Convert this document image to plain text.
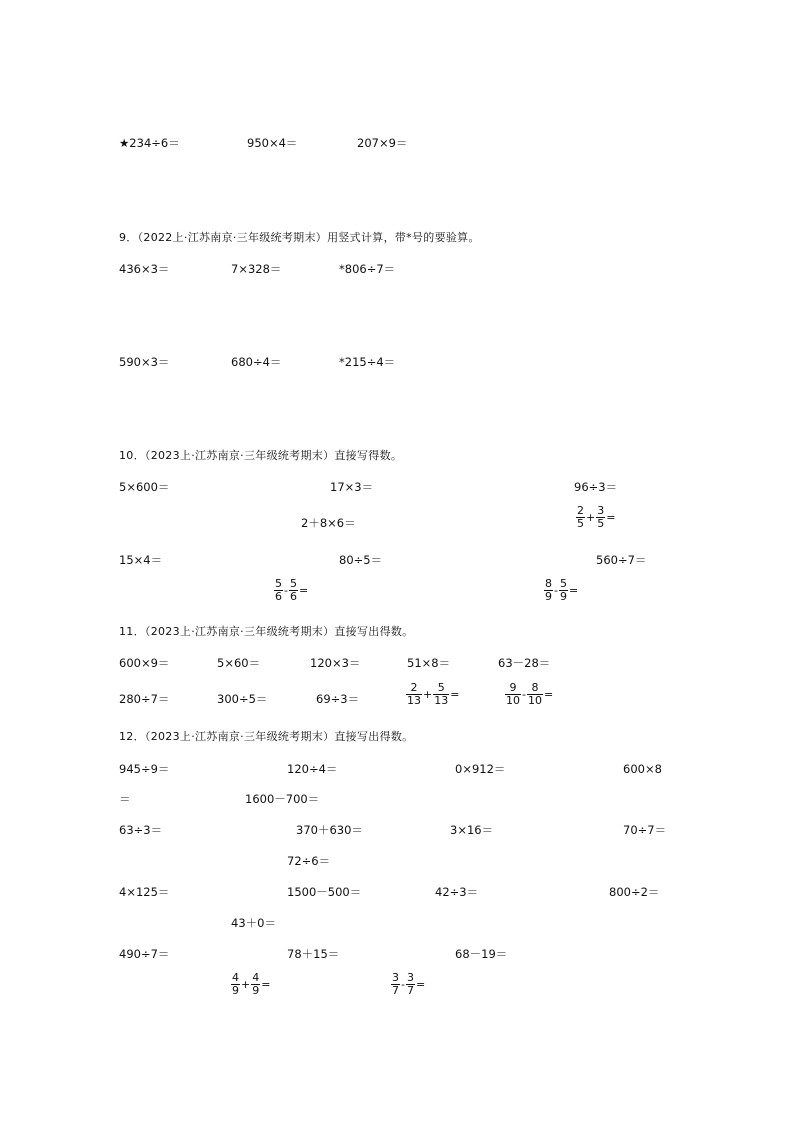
★234÷6＝	950×4＝	207×9＝
9．（2022上·江苏南京·三年级统考期末）用竖式计算，带*号的要验算。
436×3＝	7×328＝	*806÷7＝
590×3＝	680÷4＝	*215÷4＝
10．（2023上·江苏南京·三年级统考期末）直接写得数。
5×600＝	17×3＝	96÷3＝
2＋8×6＝	$\frac{2}{5} + \frac{3}{5}$ =
15×4＝	80÷5＝	560÷7＝
$\frac{5}{6} - \frac{5}{6}$ =	$\frac{8}{9} - \frac{5}{9}$ =
11．（2023上·江苏南京·三年级统考期末）直接写出得数。
600×9＝	5×60＝	120×3＝	51×8＝	63－28＝
280÷7＝	300÷5＝	69÷3＝	$\frac{2}{13} + \frac{5}{13}$ =	$\frac{9}{10} - \frac{8}{10}$ =
12．（2023上·江苏南京·三年级统考期末）直接写出得数。
945÷9＝	120÷4＝	0×912＝	600×8
＝	1600－700＝
63÷3＝	370＋630＝	3×16＝	70÷7＝
72÷6＝
4×125＝	1500－500＝	42÷3＝	800÷2＝
43＋0＝
490÷7＝	78＋15＝	68－19＝
$\frac{4}{9} + \frac{4}{9}$ =	$\frac{3}{7} - \frac{3}{7}$ =
